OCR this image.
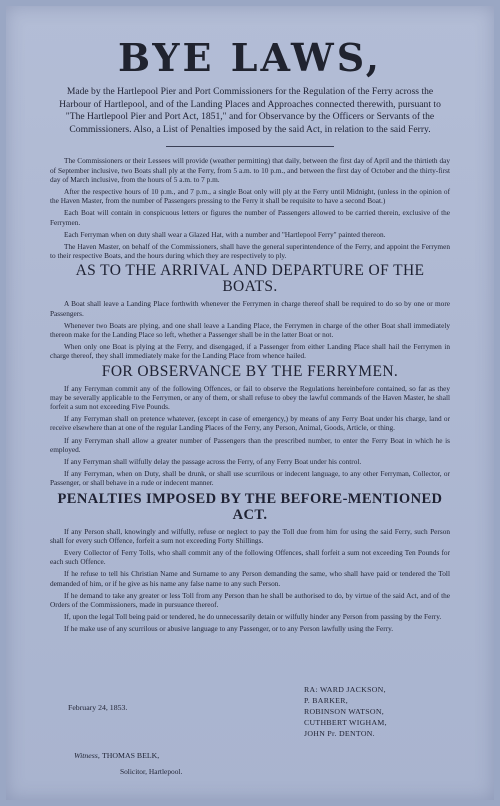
BYE LAWS,
Made by the Hartlepool Pier and Port Commissioners for the Regulation of the Ferry across the Harbour of Hartlepool, and of the Landing Places and Approaches connected therewith, pursuant to "The Hartlepool Pier and Port Act, 1851," and for Observance by the Officers or Servants of the Commissioners. Also, a List of Penalties imposed by the said Act, in relation to the said Ferry.

The Commissioners or their Lessees will provide (weather permitting) that daily, between the first day of April and the thirtieth day of September inclusive, two Boats shall ply at the Ferry, from 5 a.m. to 10 p.m., and between the first day of October and the thirty-first day of March inclusive, from the hours of 5 a.m. to 7 p.m.

After the respective hours of 10 p.m., and 7 p.m., a single Boat only will ply at the Ferry until Midnight, (unless in the opinion of the Haven Master, from the number of Passengers pressing to the Ferry it shall be requisite to have a second Boat.)

Each Boat will contain in conspicuous letters or figures the number of Passengers allowed to be carried therein, exclusive of the Ferrymen.

Each Ferryman when on duty shall wear a Glazed Hat, with a number and "Hartlepool Ferry" painted thereon.

The Haven Master, on behalf of the Commissioners, shall have the general superintendence of the Ferry, and appoint the Ferrymen to their respective Boats, and the hours during which they are respectively to ply.

AS TO THE ARRIVAL AND DEPARTURE OF THE BOATS.

A Boat shall leave a Landing Place forthwith whenever the Ferrymen in charge thereof shall be required to do so by one or more Passengers.

Whenever two Boats are plying, and one shall leave a Landing Place, the Ferrymen in charge of the other Boat shall immediately thereon make for the Landing Place so left, whether a Passenger shall be in the latter Boat or not.

When only one Boat is plying at the Ferry, and disengaged, if a Passenger from either Landing Place shall hail the Ferrymen in charge thereof, they shall immediately make for the Landing Place from whence hailed.

FOR OBSERVANCE BY THE FERRYMEN.

If any Ferryman commit any of the following Offences, or fail to observe the Regulations hereinbefore contained, so far as they may be severally applicable to the Ferrymen, or any of them, or shall refuse to obey the lawful commands of the Haven Master, he shall forfeit a sum not exceeding Five Pounds.

If any Ferryman shall on pretence whatever, (except in case of emergency,) by means of any Ferry Boat under his charge, land or receive elsewhere than at one of the regular Landing Places of the Ferry, any Person, Animal, Goods, Article, or thing.

If any Ferryman shall allow a greater number of Passengers than the prescribed number, to enter the Ferry Boat in which he is employed.

If any Ferryman shall wilfully delay the passage across the Ferry, of any Ferry Boat under his control.

If any Ferryman, when on Duty, shall be drunk, or shall use scurrilous or indecent language, to any other Ferryman, Collector, or Passenger, or shall behave in a rude or indecent manner.

PENALTIES IMPOSED BY THE BEFORE-MENTIONED ACT.

If any Person shall, knowingly and wilfully, refuse or neglect to pay the Toll due from him for using the said Ferry, such Person shall for every such Offence, forfeit a sum not exceeding Forty Shillings.

Every Collector of Ferry Tolls, who shall commit any of the following Offences, shall forfeit a sum not exceeding Ten Pounds for each such Offence.

If he refuse to tell his Christian Name and Surname to any Person demanding the same, who shall have paid or tendered the Toll demanded of him, or if he give as his name any false name to any such Person.

If he demand to take any greater or less Toll from any Person than he shall be authorised to do, by virtue of the said Act, and of the Orders of the Commissioners, made in pursuance thereof.

If, upon the legal Toll being paid or tendered, he do unnecessarily detain or wilfully hinder any Person from passing by the Ferry.

If he make use of any scurrilous or abusive language to any Passenger, or to any Person lawfully using the Ferry.

February 24, 1853.
RA: WARD JACKSON,
P. BARKER,
ROBINSON WATSON,
CUTHBERT WIGHAM,
JOHN Pr. DENTON.
Witness, THOMAS BELK,
Solicitor, Hartlepool.
